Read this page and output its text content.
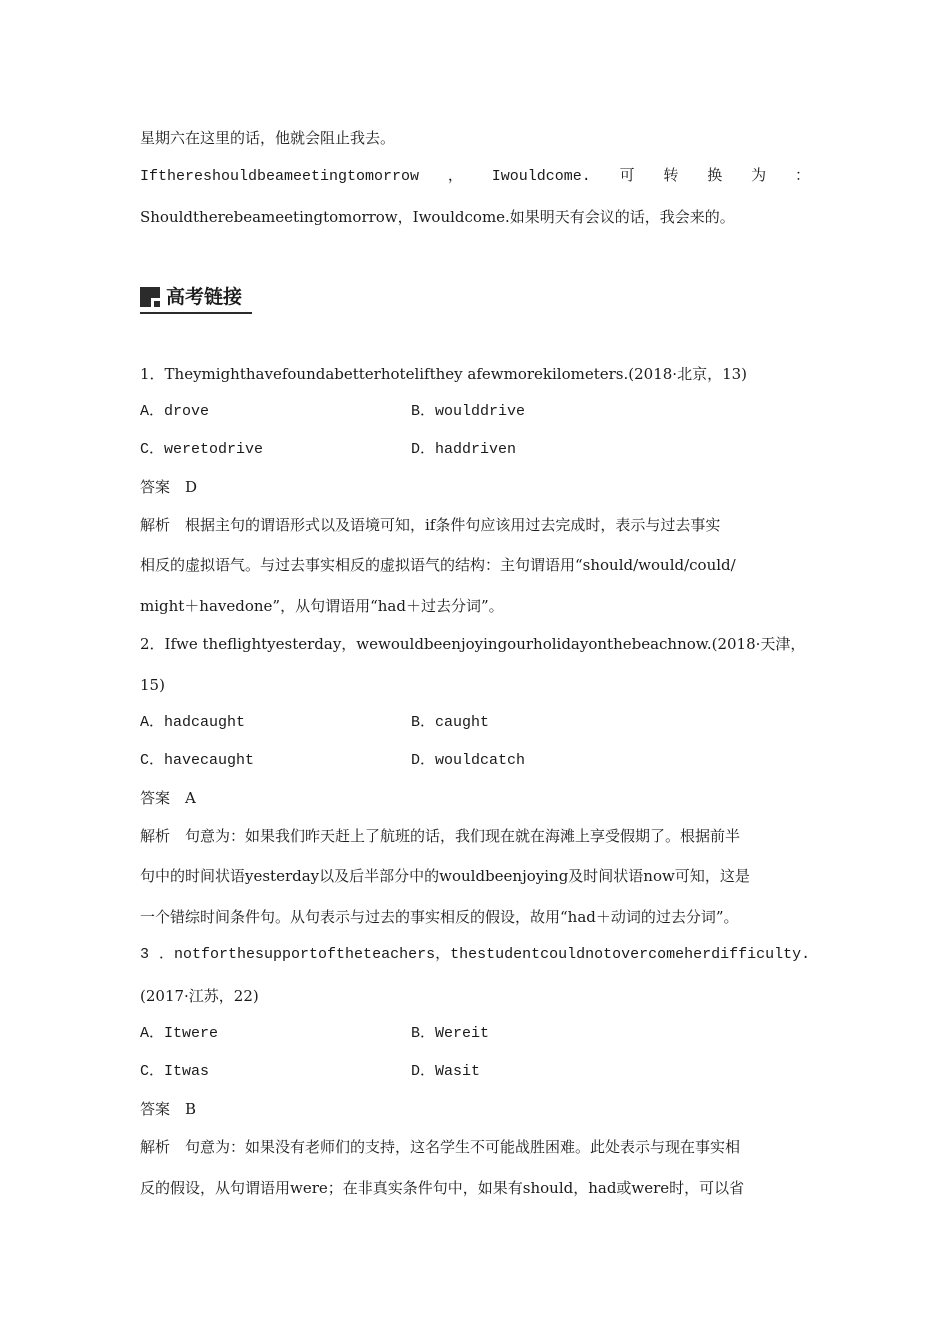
星期六在这里的话，他就会阻止我去。
Ifthereshouldbeameetingtomorrow ， Iwouldcome. 可 转 换 为 ：
Shouldtherebeameetingtomorrow，Iwouldcome.如果明天有会议的话，我会来的。
高考链接
1．Theymighthavefoundabetterhotelifthey afewmorekilometers.(2018·北京，13)
A．drove	B．woulddrive
C．weretodrive	D．haddriven
答案　D
解析　根据主句的谓语形式以及语境可知，if条件句应该用过去完成时，表示与过去事实
相反的虚拟语气。与过去事实相反的虚拟语气的结构：主句谓语用“should/would/could/
might＋havedone”，从句谓语用“had＋过去分词”。
2．Ifwe theflightyesterday，wewouldbeenjoyingourholidayonthebeachnow.(2018·天津，
15)
A．hadcaught	B．caught
C．havecaught	D．wouldcatch
答案　A
解析　句意为：如果我们昨天赶上了航班的话，我们现在就在海滩上享受假期了。根据前半
句中的时间状语yesterday以及后半部分中的wouldbeenjoying及时间状语now可知，这是
一个错综时间条件句。从句表示与过去的事实相反的假设，故用“had＋动词的过去分词”。
3 ． notforthesupportoftheteachers ， thestudentcouldnotovercomeherdifficulty.
(2017·江苏，22)
A．Itwere	B．Wereit
C．Itwas	D．Wasit
答案　B
解析　句意为：如果没有老师们的支持，这名学生不可能战胜困难。此处表示与现在事实相
反的假设，从句谓语用were；在非真实条件句中，如果有should，had或were时，可以省
